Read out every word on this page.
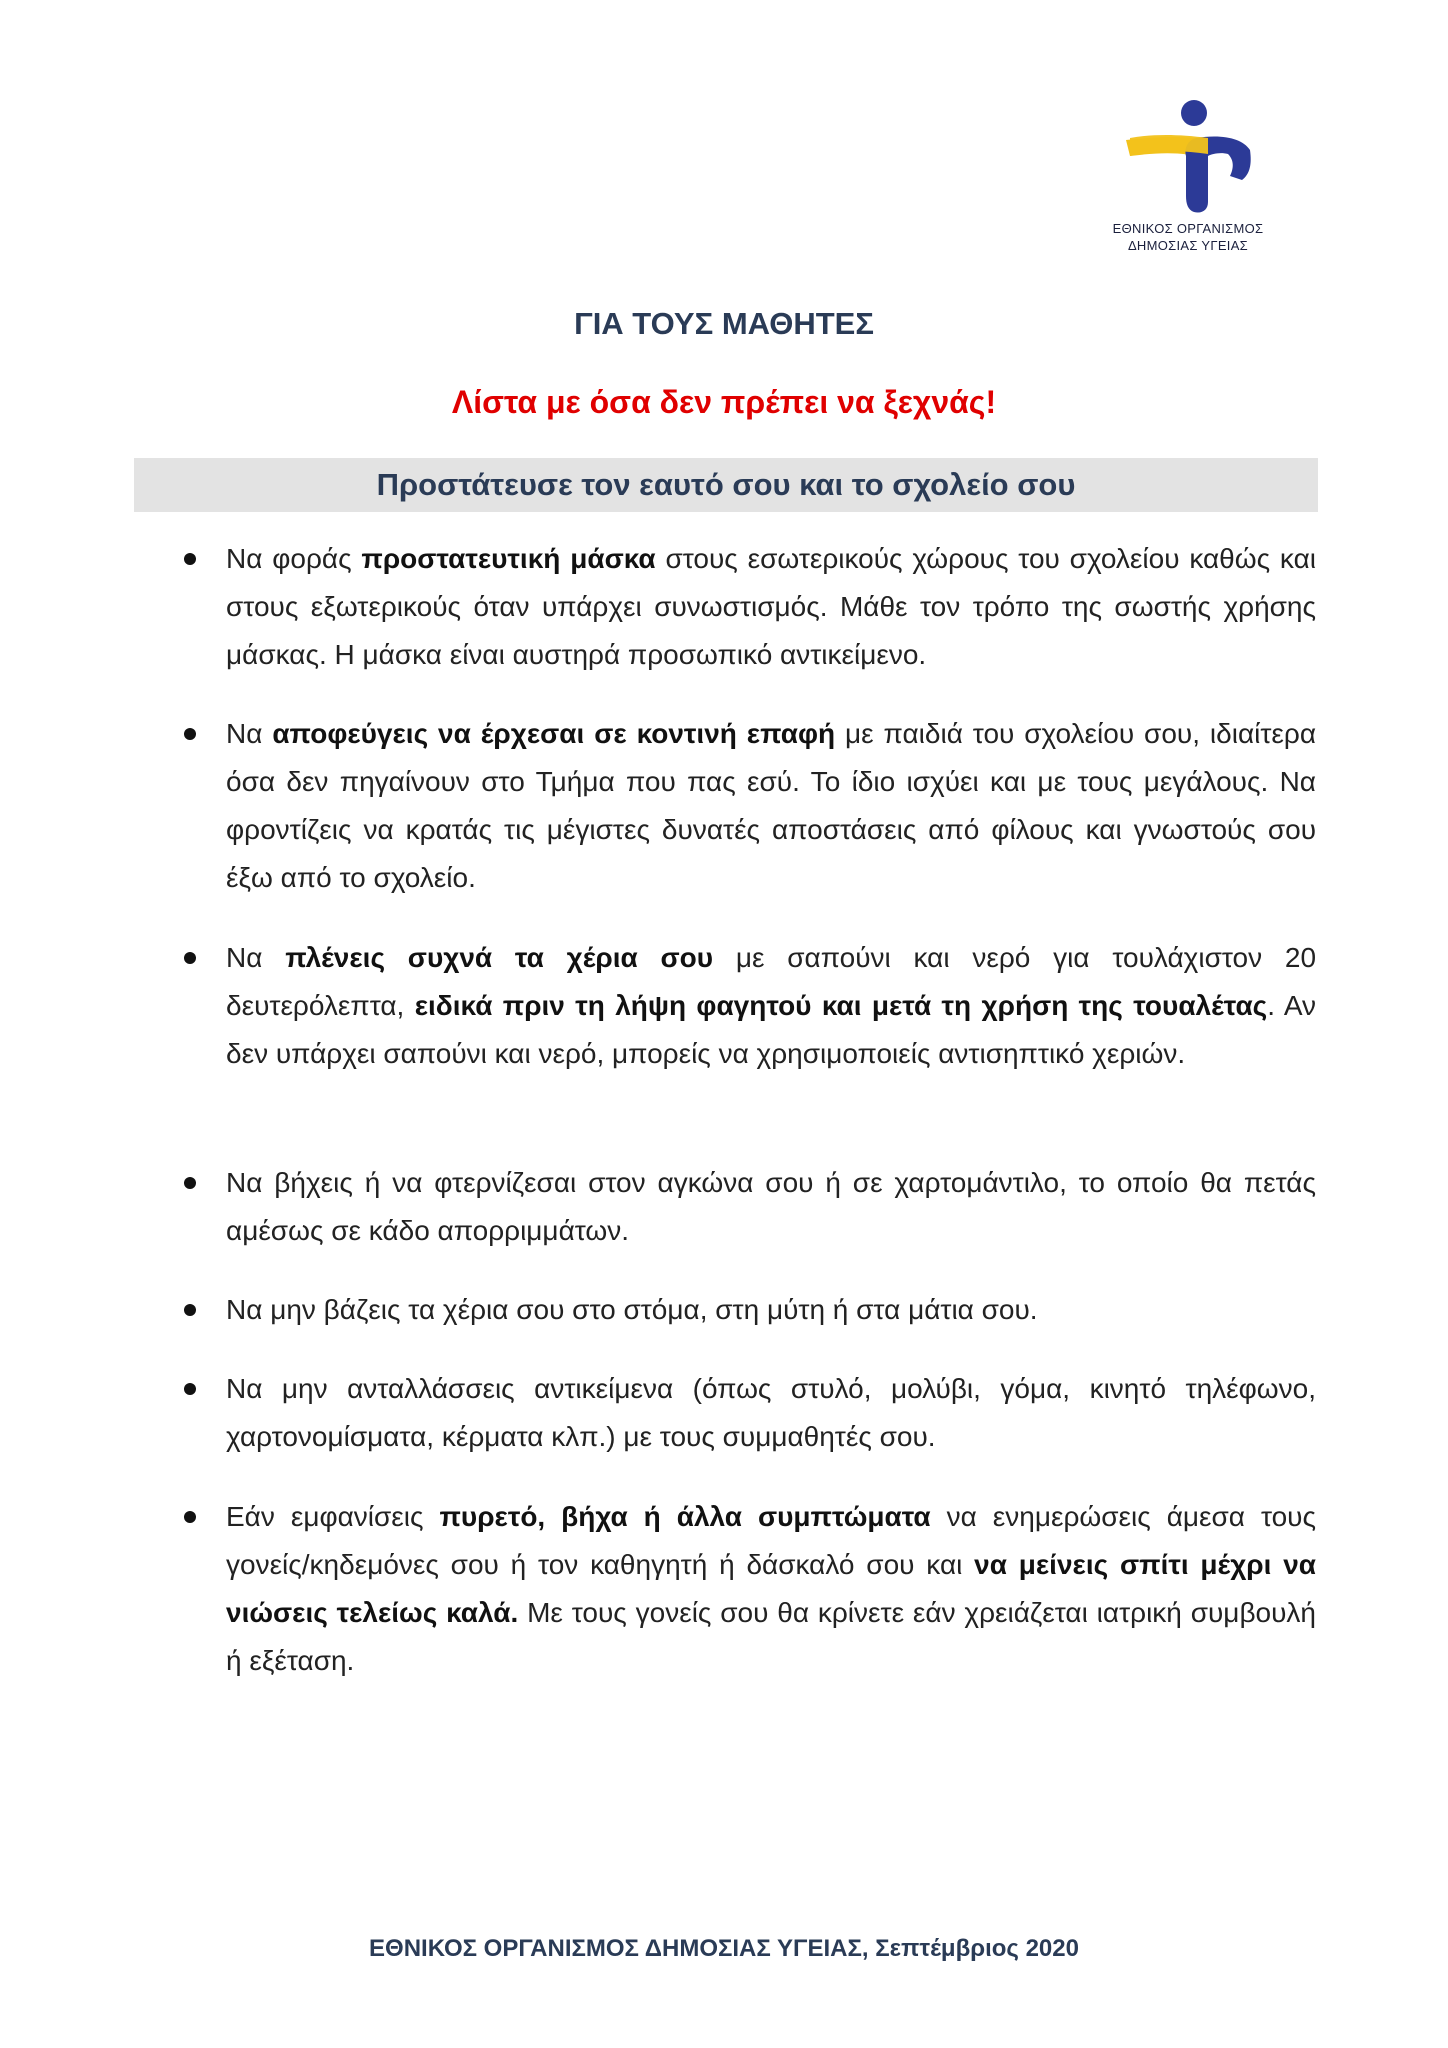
ΕΘΝΙΚΟΣ ΟΡΓΑΝΙΣΜΟΣ
ΔΗΜΟΣΙΑΣ ΥΓΕΙΑΣ
ΓΙΑ ΤΟΥΣ ΜΑΘΗΤΕΣ
Λίστα με όσα δεν πρέπει να ξεχνάς!
Προστάτευσε τον εαυτό σου και το σχολείο σου
Να φοράς προστατευτική μάσκα στους εσωτερικούς χώρους του σχολείου καθώς και στους εξωτερικούς όταν υπάρχει συνωστισμός. Μάθε τον τρόπο της σωστής χρήσης μάσκας. Η μάσκα είναι αυστηρά προσωπικό αντικείμενο.
Να αποφεύγεις να έρχεσαι σε κοντινή επαφή με παιδιά του σχολείου σου, ιδιαίτερα όσα δεν πηγαίνουν στο Τμήμα που πας εσύ. Το ίδιο ισχύει και με τους μεγάλους. Να φροντίζεις να κρατάς τις μέγιστες δυνατές αποστάσεις από φίλους και γνωστούς σου έξω από το σχολείο.
Να πλένεις συχνά τα χέρια σου με σαπούνι και νερό για τουλάχιστον 20 δευτερόλεπτα, ειδικά πριν τη λήψη φαγητού και μετά τη χρήση της τουαλέτας. Αν δεν υπάρχει σαπούνι και νερό, μπορείς να χρησιμοποιείς αντισηπτικό χεριών.
Να βήχεις ή να φτερνίζεσαι στον αγκώνα σου ή σε χαρτομάντιλο, το οποίο θα πετάς αμέσως σε κάδο απορριμμάτων.
Να μην βάζεις τα χέρια σου στο στόμα, στη μύτη ή στα μάτια σου.
Να μην ανταλλάσσεις αντικείμενα (όπως στυλό, μολύβι, γόμα, κινητό τηλέφωνο, χαρτονομίσματα, κέρματα κλπ.) με τους συμμαθητές σου.
Εάν εμφανίσεις πυρετό, βήχα ή άλλα συμπτώματα να ενημερώσεις άμεσα τους γονείς/κηδεμόνες σου ή τον καθηγητή ή δάσκαλό σου και να μείνεις σπίτι μέχρι να νιώσεις τελείως καλά. Με τους γονείς σου θα κρίνετε εάν χρειάζεται ιατρική συμβουλή ή εξέταση.
ΕΘΝΙΚΟΣ ΟΡΓΑΝΙΣΜΟΣ ΔΗΜΟΣΙΑΣ ΥΓΕΙΑΣ, Σεπτέμβριος 2020
